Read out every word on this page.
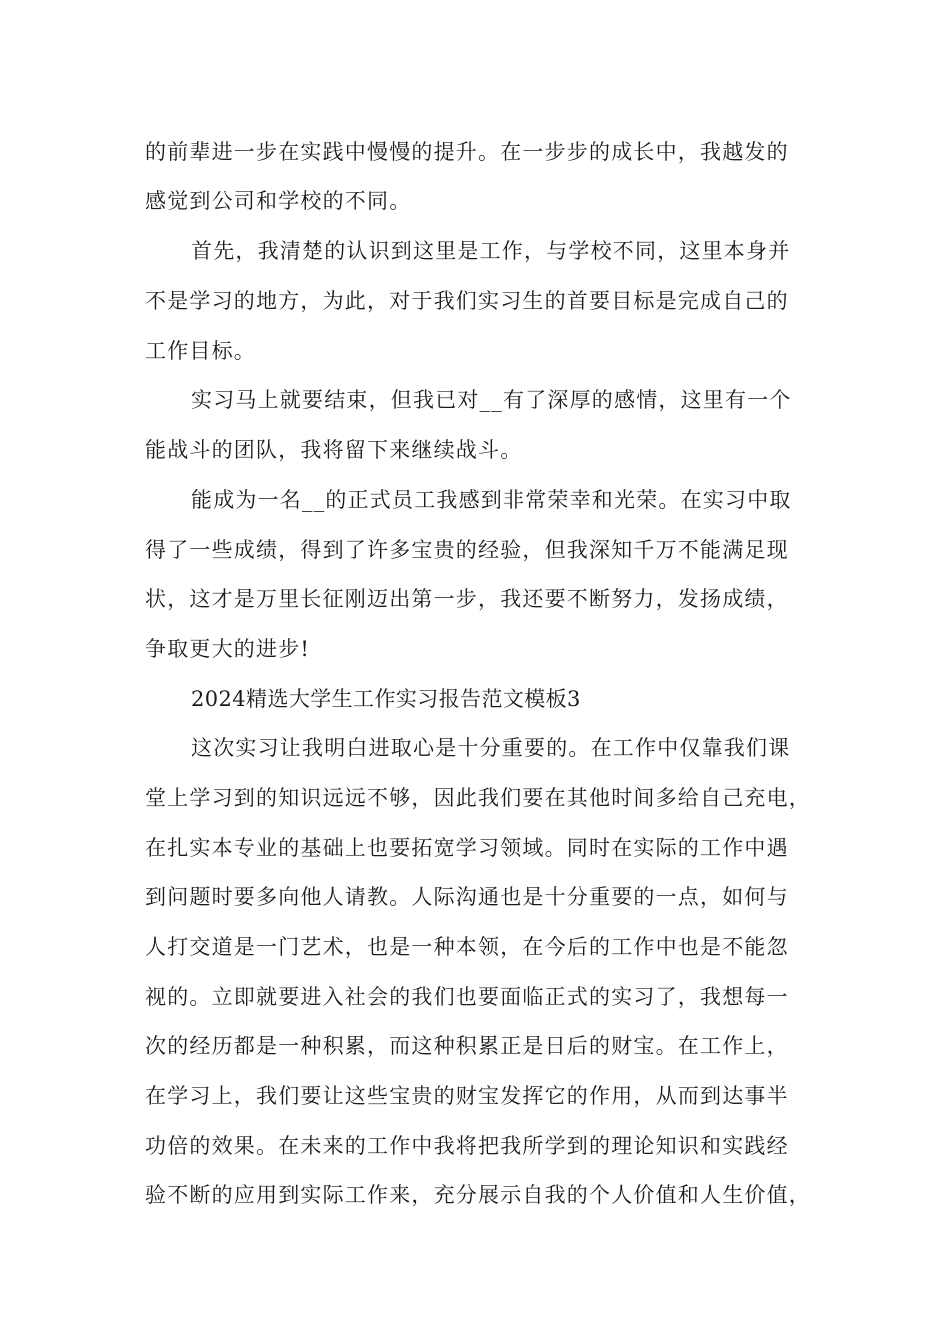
的前辈进一步在实践中慢慢的提升。在一步步的成长中，我越发的
感觉到公司和学校的不同。
首先，我清楚的认识到这里是工作，与学校不同，这里本身并
不是学习的地方，为此，对于我们实习生的首要目标是完成自己的
工作目标。
实习马上就要结束，但我已对__有了深厚的感情，这里有一个
能战斗的团队，我将留下来继续战斗。
能成为一名__的正式员工我感到非常荣幸和光荣。在实习中取
得了一些成绩，得到了许多宝贵的经验，但我深知千万不能满足现
状，这才是万里长征刚迈出第一步，我还要不断努力，发扬成绩，
争取更大的进步!
2024精选大学生工作实习报告范文模板3
这次实习让我明白进取心是十分重要的。在工作中仅靠我们课
堂上学习到的知识远远不够，因此我们要在其他时间多给自己充电，
在扎实本专业的基础上也要拓宽学习领域。同时在实际的工作中遇
到问题时要多向他人请教。人际沟通也是十分重要的一点，如何与
人打交道是一门艺术，也是一种本领，在今后的工作中也是不能忽
视的。立即就要进入社会的我们也要面临正式的实习了，我想每一
次的经历都是一种积累，而这种积累正是日后的财宝。在工作上，
在学习上，我们要让这些宝贵的财宝发挥它的作用，从而到达事半
功倍的效果。在未来的工作中我将把我所学到的理论知识和实践经
验不断的应用到实际工作来，充分展示自我的个人价值和人生价值，
